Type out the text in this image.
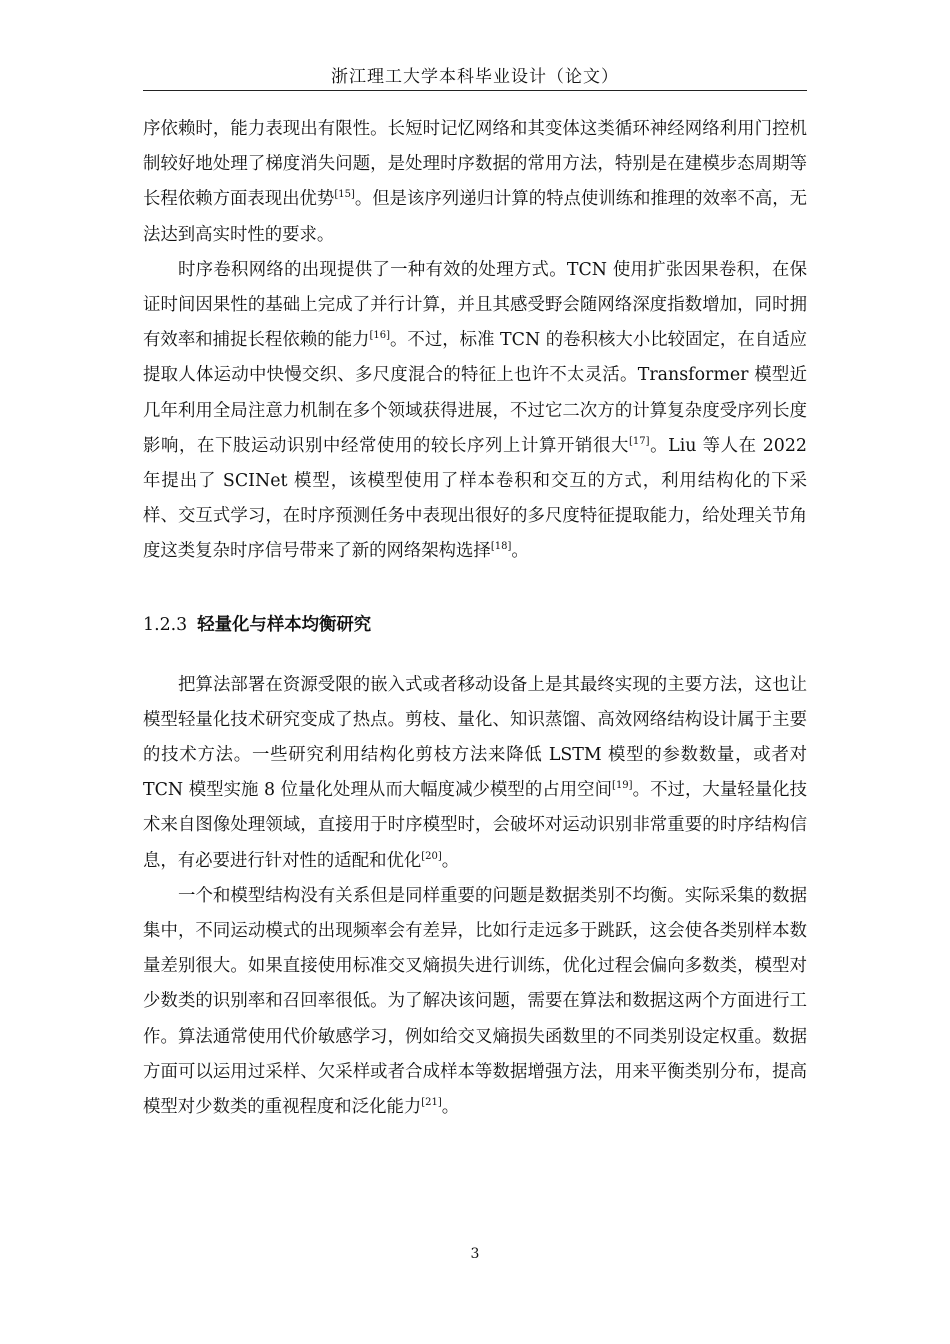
浙江理工大学本科毕业设计（论文）

序依赖时，能力表现出有限性。长短时记忆网络和其变体这类循环神经网络利用门控机制较好地处理了梯度消失问题，是处理时序数据的常用方法，特别是在建模步态周期等长程依赖方面表现出优势[15]。但是该序列递归计算的特点使训练和推理的效率不高，无法达到高实时性的要求。

时序卷积网络的出现提供了一种有效的处理方式。TCN 使用扩张因果卷积，在保证时间因果性的基础上完成了并行计算，并且其感受野会随网络深度指数增加，同时拥有效率和捕捉长程依赖的能力[16]。不过，标准 TCN 的卷积核大小比较固定，在自适应提取人体运动中快慢交织、多尺度混合的特征上也许不太灵活。Transformer 模型近几年利用全局注意力机制在多个领域获得进展，不过它二次方的计算复杂度受序列长度影响，在下肢运动识别中经常使用的较长序列上计算开销很大[17]。Liu 等人在 2022 年提出了 SCINet 模型，该模型使用了样本卷积和交互的方式，利用结构化的下采样、交互式学习，在时序预测任务中表现出很好的多尺度特征提取能力，给处理关节角度这类复杂时序信号带来了新的网络架构选择[18]。

1.2.3 轻量化与样本均衡研究

把算法部署在资源受限的嵌入式或者移动设备上是其最终实现的主要方法，这也让模型轻量化技术研究变成了热点。剪枝、量化、知识蒸馏、高效网络结构设计属于主要的技术方法。一些研究利用结构化剪枝方法来降低 LSTM 模型的参数数量，或者对 TCN 模型实施 8 位量化处理从而大幅度减少模型的占用空间[19]。不过，大量轻量化技术来自图像处理领域，直接用于时序模型时，会破坏对运动识别非常重要的时序结构信息，有必要进行针对性的适配和优化[20]。

一个和模型结构没有关系但是同样重要的问题是数据类别不均衡。实际采集的数据集中，不同运动模式的出现频率会有差异，比如行走远多于跳跃，这会使各类别样本数量差别很大。如果直接使用标准交叉熵损失进行训练，优化过程会偏向多数类，模型对少数类的识别率和召回率很低。为了解决该问题，需要在算法和数据这两个方面进行工作。算法通常使用代价敏感学习，例如给交叉熵损失函数里的不同类别设定权重。数据方面可以运用过采样、欠采样或者合成样本等数据增强方法，用来平衡类别分布，提高模型对少数类的重视程度和泛化能力[21]。

3
